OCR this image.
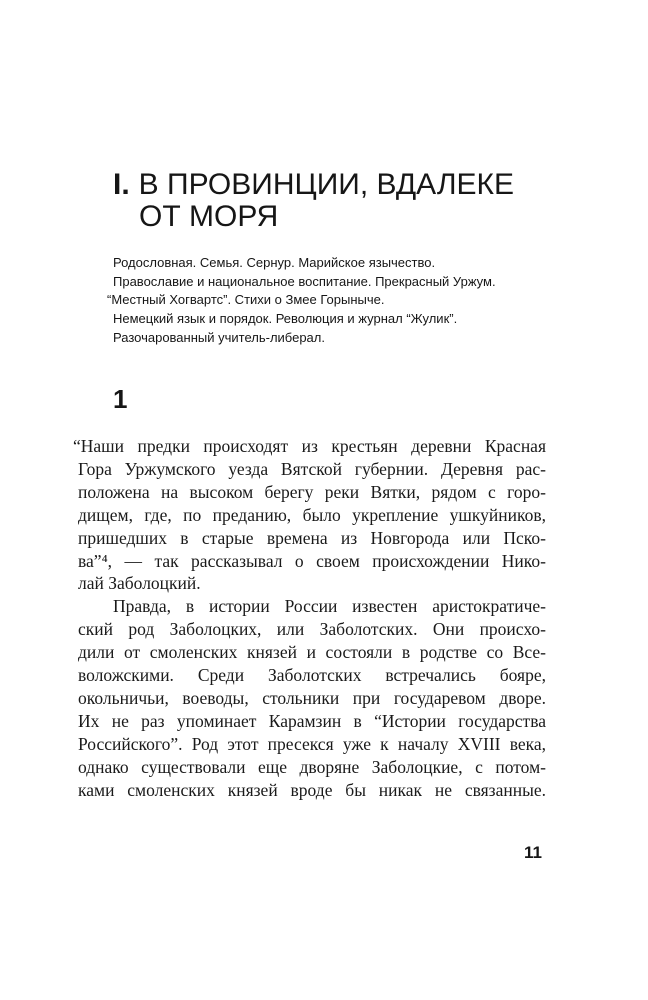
I. В ПРОВИНЦИИ, ВДАЛЕКЕ ОТ МОРЯ
Родословная. Семья. Сернур. Марийское язычество.
Православие и национальное воспитание. Прекрасный Уржум.
“Местный Хогвартс”. Стихи о Змее Горыныче.
Немецкий язык и порядок. Революция и журнал “Жулик”.
Разочарованный учитель-либерал.
1
“Наши предки происходят из крестьян деревни Красная
Гора Уржумского уезда Вятской губернии. Деревня рас-
положена на высоком берегу реки Вятки, рядом с горо-
дищем, где, по преданию, было укрепление ушкуйников,
пришедших в старые времена из Новгорода или Пско-
ва”⁴, — так рассказывал о своем происхождении Нико-
лай Заболоцкий.
Правда, в истории России известен аристократиче-
ский род Заболоцких, или Заболотских. Они происхо-
дили от смоленских князей и состояли в родстве со Все-
воложскими. Среди Заболотских встречались бояре,
окольничьи, воеводы, стольники при государевом дворе.
Их не раз упоминает Карамзин в “Истории государства
Российского”. Род этот пресекся уже к началу XVIII века,
однако существовали еще дворяне Заболоцкие, с потом-
ками смоленских князей вроде бы никак не связанные.
11
